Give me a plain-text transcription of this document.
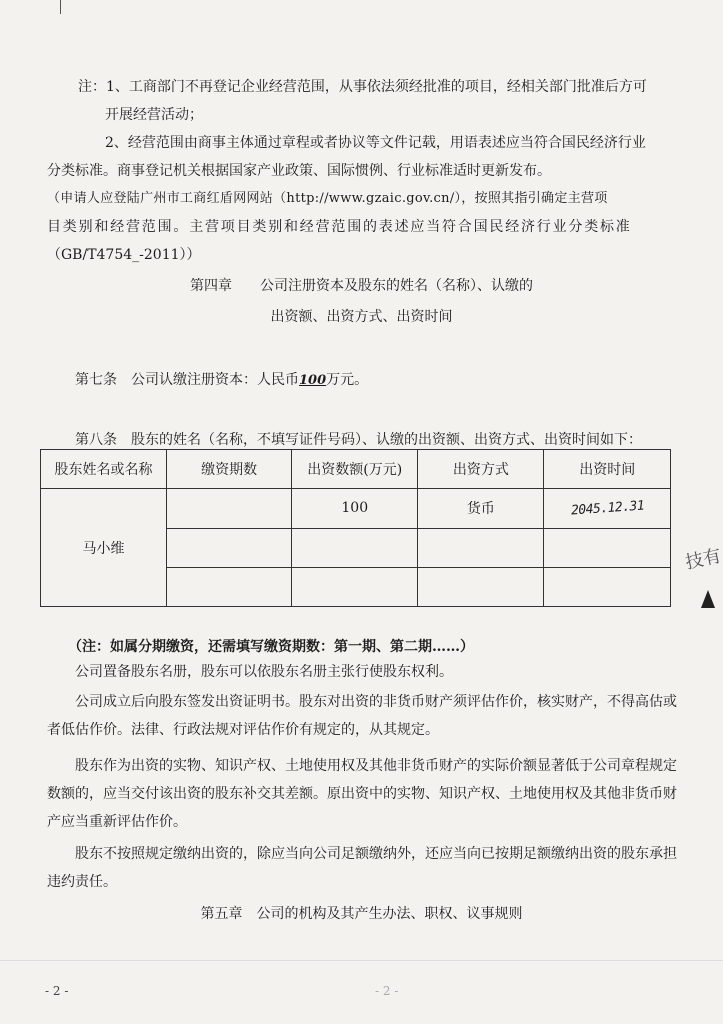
注：1、工商部门不再登记企业经营范围，从事依法须经批准的项目，经相关部门批准后方可
开展经营活动；
2、经营范围由商事主体通过章程或者协议等文件记载，用语表述应当符合国民经济行业
分类标准。商事登记机关根据国家产业政策、国际惯例、行业标准适时更新发布。
（申请人应登陆广州市工商红盾网网站（http://www.gzaic.gov.cn/），按照其指引确定主营项
目类别和经营范围。主营项目类别和经营范围的表述应当符合国民经济行业分类标准
（GB/T4754_-2011））
第四章　　公司注册资本及股东的姓名（名称）、认缴的
出资额、出资方式、出资时间
第七条　公司认缴注册资本：人民币100万元。
第八条　股东的姓名（名称，不填写证件号码）、认缴的出资额、出资方式、出资时间如下：
股东姓名或名称	缴资期数	出资数额(万元)	出资方式	出资时间
马小维		100	货币	2045.12.31

（注：如属分期缴资，还需填写缴资期数：第一期、第二期……）
公司置备股东名册，股东可以依股东名册主张行使股东权利。
公司成立后向股东签发出资证明书。股东对出资的非货币财产须评估作价，核实财产，不得高估或者低估作价。法律、行政法规对评估作价有规定的，从其规定。
股东作为出资的实物、知识产权、土地使用权及其他非货币财产的实际价额显著低于公司章程规定数额的，应当交付该出资的股东补交其差额。原出资中的实物、知识产权、土地使用权及其他非货币财产应当重新评估作价。
股东不按照规定缴纳出资的，除应当向公司足额缴纳外，还应当向已按期足额缴纳出资的股东承担违约责任。
第五章　公司的机构及其产生办法、职权、议事规则
- 2 -	- 2 -
技有
